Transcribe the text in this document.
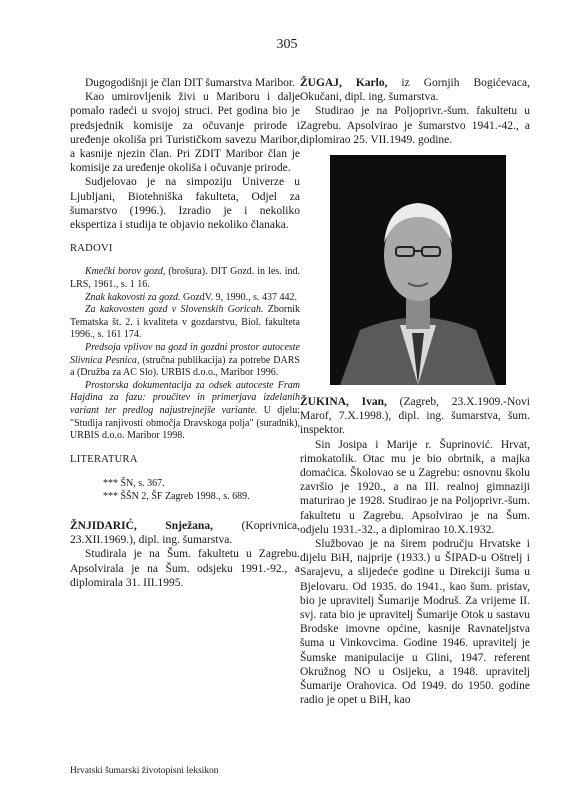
305

Dugogodišnji je član DIT šumarstva Maribor.

Kao umirovljenik živi u Mariboru i dalje pomalo radeći u svojoj struci. Pet godina bio je predsjednik komisije za očuvanje prirode i uređenje okoliša pri Turističkom savezu Maribor, a kasnije njezin član. Pri ZDIT Maribor član je komisije za uređenje okoliša i očuvanje prirode.

Sudjelovao je na simpoziju Univerze u Ljubljani, Biotehniška fakulteta, Odjel za šumarstvo (1996.). Izradio je i nekoliko ekspertiza i studija te objavio nekoliko članaka.

RADOVI

Kmečki borov gozd, (brošura). DIT Gozd. in les. ind. LRS, 1961., s. 1 16.

Znak kakovosti za gozd. GozdV. 9, 1990., s. 437 442.

Za kakovosten gozd v Slovenskih Goricah. Zbornik Tematska št. 2. i kvaliteta v gozdarstvu, Biol. fakulteta 1996., s. 161 174.

Predsoja vplivov na gozd in gozdni prostor autoceste Slivnica Pesnica, (stručna publikacija) za potrebe DARS a (Družba za AC Slo). URBIS d.o.o., Maribor 1996.

Prostorska dokumentacija za odsek autoceste Fram Hajdina za fazu: proučitev in primerjava izdelanih variant ter predlog najustrejnejše variante. U djelu: "Studija ranjivosti območja Dravskoga polja" (suradnik), URBIS d.o.o. Maribor 1998.

LITERATURA

*** ŠN, s. 367.

*** ŠŠN 2, ŠF Zagreb 1998., s. 689.

ŽNJIDARIĆ, Snježana, (Koprivnica, 23.XII.1969.), dipl. ing. šumarstva.

Studirala je na Šum. fakultetu u Zagrebu. Apsolvirala je na Šum. odsjeku 1991.-92., a diplomirala 31. III.1995.

ŽUGAJ, Karlo, iz Gornjih Bogićevaca, Okučani, dipl. ing. šumarstva.

Studirao je na Poljoprivr.-šum. fakultetu u Zagrebu. Apsolvirao je šumarstvo 1941.-42., a diplomirao 25. VII.1949. godine.

ŽUKINA, Ivan, (Zagreb, 23.X.1909.-Novi Marof, 7.X.1998.), dipl. ing. šumarstva, šum. inspektor.

Sin Josipa i Marije r. Šuprinović. Hrvat, rimokatolik. Otac mu je bio obrtnik, a majka domaćica. Školovao se u Zagrebu: osnovnu školu završio je 1920., a na III. realnoj gimnaziji maturirao je 1928. Studirao je na Poljoprivr.-šum. fakultetu u Zagrebu. Apsolvirao je na Šum. odjelu 1931.-32., a diplomirao 10.X.1932.

Službovao je na širem području Hrvatske i dijelu BiH, najprije (1933.) u ŠIPAD-u Oštrelj i Sarajevu, a slijedeće godine u Direkciji šuma u Bjelovaru. Od 1935. do 1941., kao šum. pristav, bio je upravitelj Šumarije Modruš. Za vrijeme II. svj. rata bio je upravitelj Šumarije Otok u sastavu Brodske imovne općine, kasnije Ravnateljstva šuma u Vinkovcima. Godine 1946. upravitelj je Šumske manipulacije u Glini, 1947. referent Okružnog NO u Osijeku, a 1948. upravitelj Šumarije Orahovica. Od 1949. do 1950. godine radio je opet u BiH, kao

Hrvatski šumarski životopisni leksikon
